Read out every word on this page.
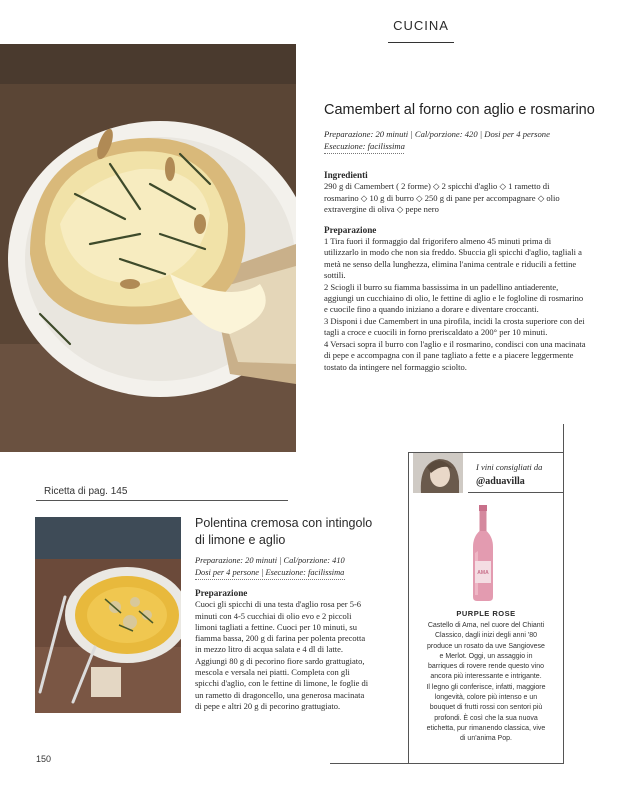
CUCINA
Camembert al forno con aglio e rosmarino
Preparazione: 20 minuti | Cal/porzione: 420 | Dosi per 4 persone
Esecuzione: facilissima
Ingredienti

290 g di Camembert ( 2 forme) ◇ 2 spicchi d'aglio ◇ 1 rametto di rosmarino ◇ 10 g di burro ◇ 250 g di pane per accompagnare ◇ olio extravergine di oliva ◇ pepe nero

Preparazione

1 Tira fuori il formaggio dal frigorifero almeno 45 minuti prima di utilizzarlo in modo che non sia freddo. Sbuccia gli spicchi d'aglio, tagliali a metà ne senso della lunghezza, elimina l'anima centrale e riducili a fettine sottili.

2 Sciogli il burro su fiamma bassissima in un padellino antiaderente, aggiungi un cucchiaino di olio, le fettine di aglio e le fogloline di rosmarino e cuocile fino a quando iniziano a dorare e diventare croccanti.

3 Disponi i due Camembert in una pirofila, incidi la crosta superiore con dei tagli a croce e cuocili in forno preriscaldato a 200° per 10 minuti.

4 Versaci sopra il burro con l'aglio e il rosmarino, condisci con una macinata di pepe e accompagna con il pane tagliato a fette e a piacere leggermente tostato da intingere nel formaggio sciolto.

Ricetta di pag. 145
Polentina cremosa con intingolo di limone e aglio
Preparazione: 20 minuti | Cal/porzione: 410
Dosi per 4 persone | Esecuzione: facilissima
Preparazione

Cuoci gli spicchi di una testa d'aglio rosa per 5-6 minuti con 4-5 cucchiai di olio evo e 2 piccoli limoni tagliati a fettine. Cuoci per 10 minuti, su fiamma bassa, 200 g di farina per polenta precotta in mezzo litro di acqua salata e 4 dl di latte. Aggiungi 80 g di pecorino fiore sardo grattugiato, mescola e versala nei piatti. Completa con gli spicchi d'aglio, con le fettine di limone, le foglie di un rametto di dragoncello, una generosa macinata di pepe e altri 20 g di pecorino grattugiato.

I vini consigliati da
@aduavilla
AMA
PURPLE ROSE
Castello di Ama, nel cuore del Chianti
Classico, dagli inizi degli anni '80
produce un rosato da uve Sangiovese
e Merlot. Oggi, un assaggio in
barriques di rovere rende questo vino
ancora più interessante e intrigante.
Il legno gli conferisce, infatti, maggiore
longevità, colore più intenso e un
bouquet di frutti rossi con sentori più
profondi. È così che la sua nuova
etichetta, pur rimanendo classica, vive
di un'anima Pop.
150
